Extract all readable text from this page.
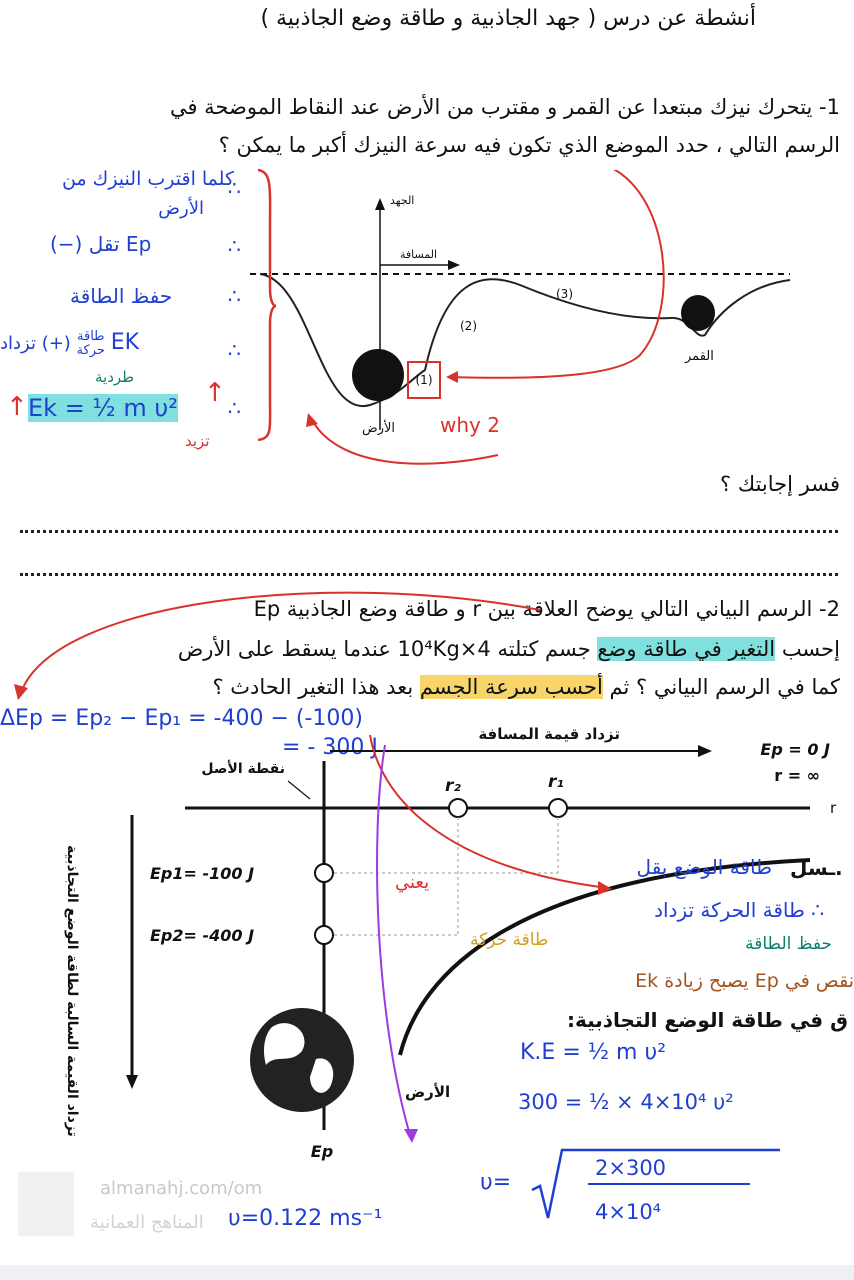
أنشطة عن درس ( جهد الجاذبية و طاقة وضع الجاذبية )
1- يتحرك نيزك مبتعدا عن القمر و مقترب من الأرض عند النقاط الموضحة في
الرسم التالي ، حدد الموضع الذي تكون فيه سرعة النيزك أكبر ما يمكن ؟
(1)
(2)
(3)
الجهد
المسافة
الأرض
القمر
why 2
كلما اقترب النيزك من
∴
الأرض
(−) تقل Ep	∴
حفظ الطاقة	∴
تزداد (+) طاقة
حركة EK	∴
طردية
Ek = ½ m υ²
↑	↑ ∴
تزيد
فسر إجابتك ؟
2- الرسم البياني التالي يوضح العلاقة بين r و طاقة وضع الجاذبية Ep
إحسب التغير في طاقة وضع جسم كتلته 4×10⁴Kg عندما يسقط على الأرض
كما في الرسم البياني ؟ ثم أحسب سرعة الجسم بعد هذا التغير الحادث ؟
ΔEp = Ep₂ − Ep₁ = -400 − (-100)
= - 300 J
تزداد قيمة المسافة
Ep = 0 J
r = ∞
نقطة الأصل
r
Ep
r₂	r₁
Ep1= -100 J
Ep2= -400 J
تزداد القيمة السالبة لطاقة الوضع التجاذبية	الأرض
ـسل.
طاقة الوضع بقل
∴ طاقة الحركة تزداد
حفظ الطاقة
يعني
طاقة حركة
نقص في Ep يصبح زيادة Ek
ق في طاقة الوضع التجاذبية:
K.E = ½ m υ²
300 = ½ × 4×10⁴ υ²
υ=
2×300
4×10⁴
υ=0.122 ms⁻¹
almanahj.com/om
المناهج العمانية
